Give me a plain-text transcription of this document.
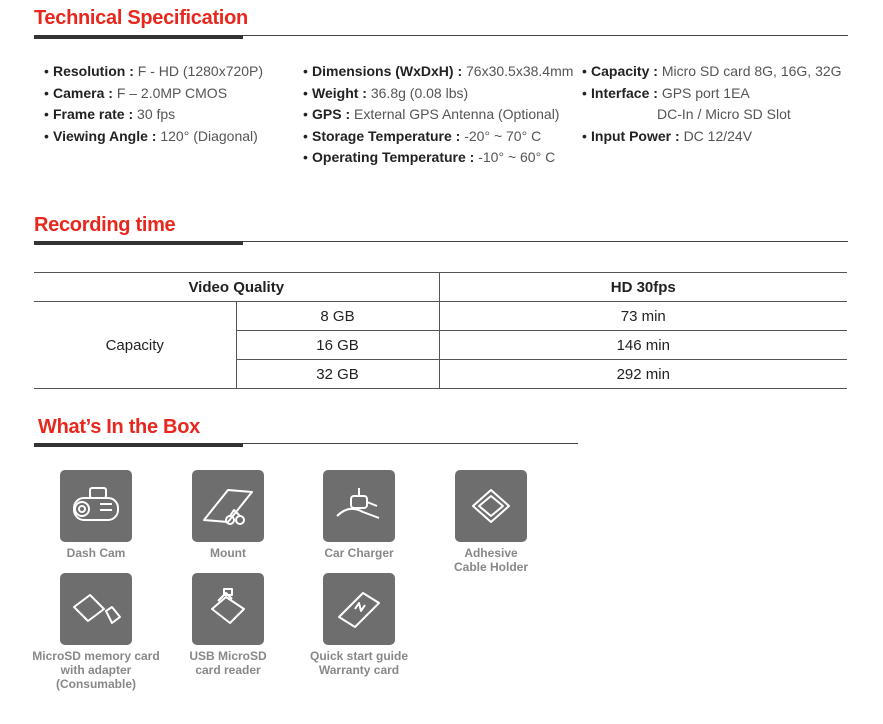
Technical Specification
• Resolution : F - HD (1280x720P)
• Camera : F – 2.0MP CMOS
• Frame rate : 30 fps
• Viewing Angle : 120° (Diagonal)
• Dimensions (WxDxH) : 76x30.5x38.4mm
• Weight : 36.8g (0.08 lbs)
• GPS : External GPS Antenna (Optional)
• Storage Temperature : -20° ~ 70° C
• Operating Temperature : -10° ~ 60° C
• Capacity : Micro SD card 8G, 16G, 32G
• Interface : GPS port 1EA
DC-In / Micro SD Slot
• Input Power : DC 12/24V
Recording time
Video Quality		HD 30fps
Capacity	8 GB	73 min
	16 GB	146 min
	32 GB	292 min
What’s In the Box
Dash Cam	Mount	Car Charger	Adhesive
Cable Holder
MicroSD memory card
with adapter (Consumable)
USB MicroSD
card reader
Quick start guide
Warranty card
